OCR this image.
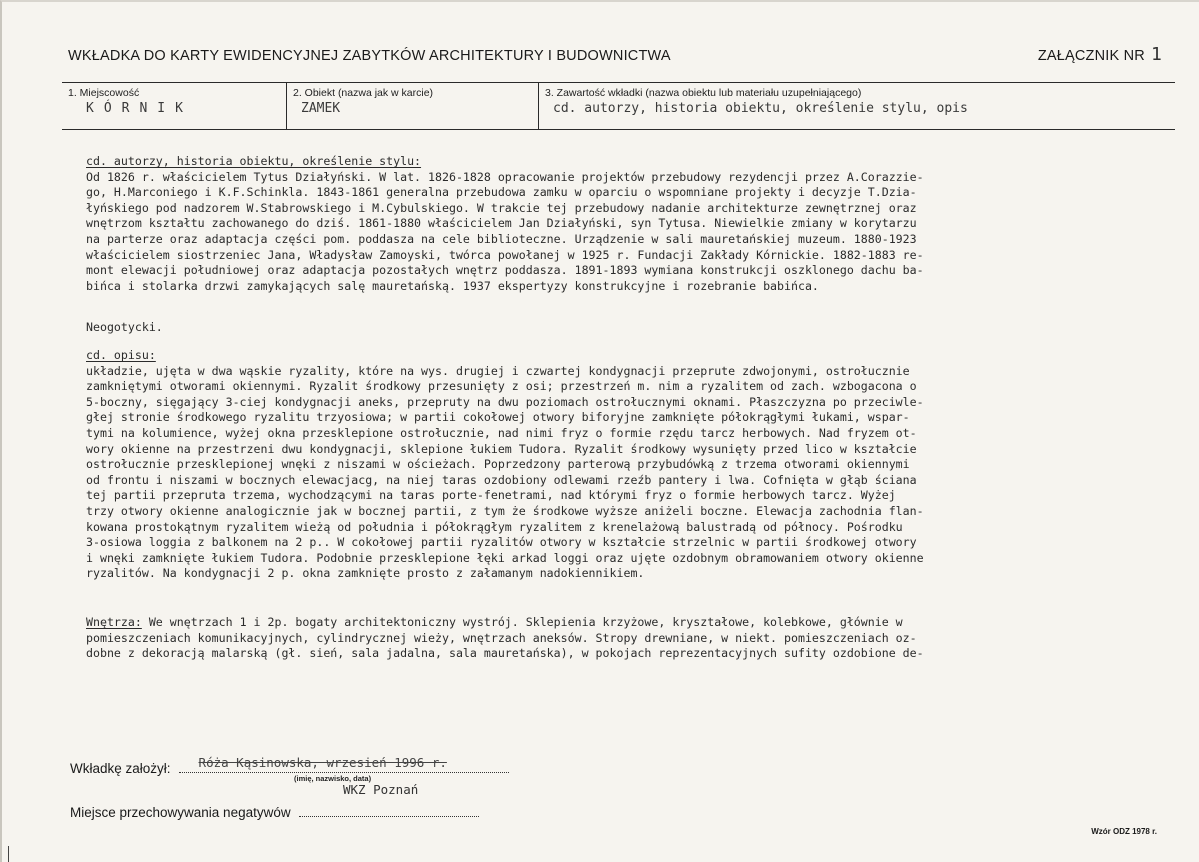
WKŁADKA DO KARTY EWIDENCYJNEJ ZABYTKÓW ARCHITEKTURY I BUDOWNICTWA	ZAŁĄCZNIK NR 1
1. Miejscowość
KÓRNIK
2. Obiekt (nazwa jak w karcie)
ZAMEK
3. Zawartość wkładki (nazwa obiektu lub materiału uzupełniającego)
cd. autorzy, historia obiektu, określenie stylu, opis
cd. autorzy, historia obiektu, określenie stylu:
Od 1826 r. właścicielem Tytus Działyński. W lat. 1826-1828 opracowanie projektów przebudowy rezydencji przez A.Corazzie-
go, H.Marconiego i K.F.Schinkla. 1843-1861 generalna przebudowa zamku w oparciu o wspomniane projekty i decyzje T.Dzia-
łyńskiego pod nadzorem W.Stabrowskiego i M.Cybulskiego. W trakcie tej przebudowy nadanie architekturze zewnętrznej oraz
wnętrzom kształtu zachowanego do dziś. 1861-1880 właścicielem Jan Działyński, syn Tytusa. Niewielkie zmiany w korytarzu
na parterze oraz adaptacja części pom. poddasza na cele biblioteczne. Urządzenie w sali mauretańskiej muzeum. 1880-1923
właścicielem siostrzeniec Jana, Władysław Zamoyski, twórca powołanej w 1925 r. Fundacji Zakłady Kórnickie. 1882-1883 re-
mont elewacji południowej oraz adaptacja pozostałych wnętrz poddasza. 1891-1893 wymiana konstrukcji oszklonego dachu ba-
bińca i stolarka drzwi zamykających salę mauretańską. 1937 ekspertyzy konstrukcyjne i rozebranie babińca.
Neogotycki.
cd. opisu:
układzie, ujęta w dwa wąskie ryzality, które na wys. drugiej i czwartej kondygnacji przeprute zdwojonymi, ostrołucznie
zamkniętymi otworami okiennymi. Ryzalit środkowy przesunięty z osi; przestrzeń m. nim a ryzalitem od zach. wzbogacona o
5-boczny, sięgający 3-ciej kondygnacji aneks, przepruty na dwu poziomach ostrołucznymi oknami. Płaszczyzna po przeciwle-
głej stronie środkowego ryzalitu trzyosiowa; w partii cokołowej otwory biforyjne zamknięte półokrągłymi łukami, wspar-
tymi na kolumience, wyżej okna przesklepione ostrołucznie, nad nimi fryz o formie rzędu tarcz herbowych. Nad fryzem ot-
wory okienne na przestrzeni dwu kondygnacji, sklepione łukiem Tudora. Ryzalit środkowy wysunięty przed lico w kształcie
ostrołucznie przesklepionej wnęki z niszami w ościeżach. Poprzedzony parterową przybudówką z trzema otworami okiennymi
od frontu i niszami w bocznych elewacjacg, na niej taras ozdobiony odlewami rzeźb pantery i lwa. Cofnięta w głąb ściana
tej partii przepruta trzema, wychodzącymi na taras porte-fenetrami, nad którymi fryz o formie herbowych tarcz. Wyżej
trzy otwory okienne analogicznie jak w bocznej partii, z tym że środkowe wyższe aniżeli boczne. Elewacja zachodnia flan-
kowana prostokątnym ryzalitem wieżą od południa i półokrągłym ryzalitem z krenelażową balustradą od północy. Pośrodku
3-osiowa loggia z balkonem na 2 p.. W cokołowej partii ryzalitów otwory w kształcie strzelnic w partii środkowej otwory
i wnęki zamknięte łukiem Tudora. Podobnie przesklepione łęki arkad loggi oraz ujęte ozdobnym obramowaniem otwory okienne
ryzalitów. Na kondygnacji 2 p. okna zamknięte prosto z załamanym nadokiennikiem.
Wnętrza: We wnętrzach 1 i 2p. bogaty architektoniczny wystrój. Sklepienia krzyżowe, kryształowe, kolebkowe, głównie w
pomieszczeniach komunikacyjnych, cylindrycznej wieży, wnętrzach aneksów. Stropy drewniane, w niekt. pomieszczeniach oz-
dobne z dekoracją malarską (gł. sień, sala jadalna, sala mauretańska), w pokojach reprezentacyjnych sufity ozdobione de-
Wkładkę założył: Róża Kąsinowska, wrzesień 1996 r.
(imię, nazwisko, data)
WKZ Poznań
Miejsce przechowywania negatywów
Wzór ODZ 1978 r.
